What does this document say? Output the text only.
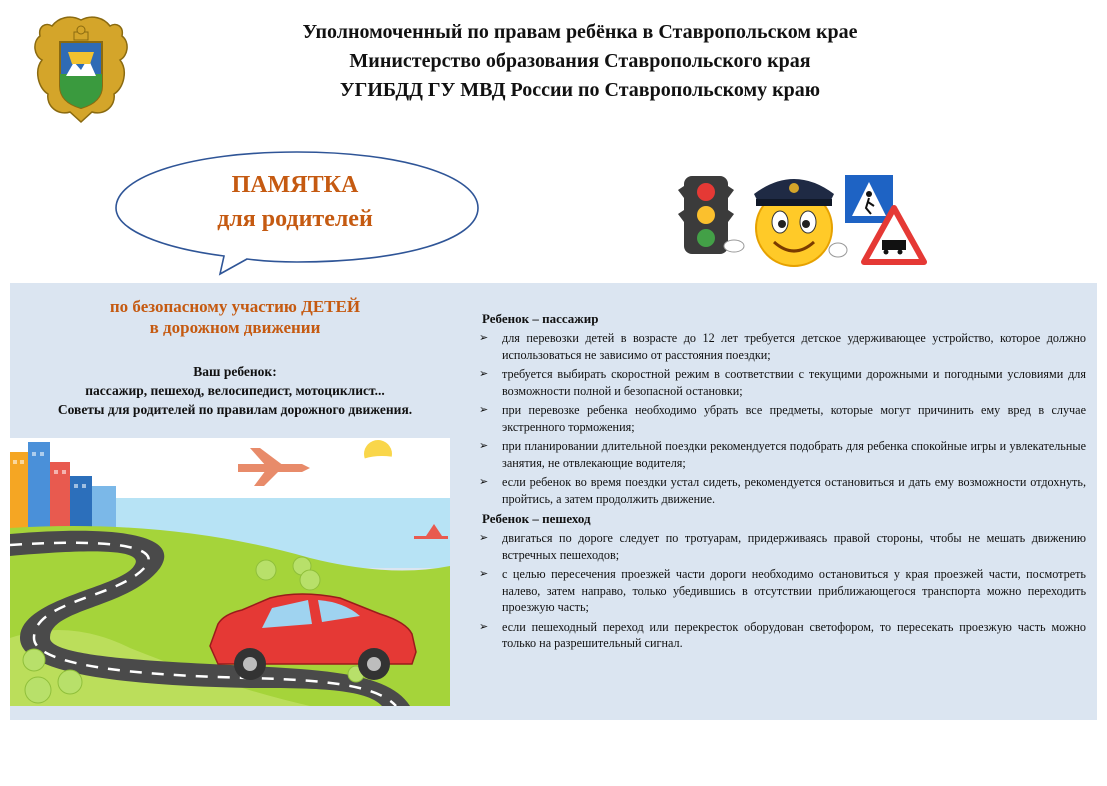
Уполномоченный по правам ребёнка в Ставропольском крае
Министерство образования Ставропольского края
УГИБДД ГУ МВД России по Ставропольскому краю
ПАМЯТКА
для родителей
по безопасному участию ДЕТЕЙ
в дорожном движении
Ваш ребенок:
пассажир, пешеход, велосипедист, мотоциклист...
Советы для родителей по правилам дорожного движения.
Ребенок – пассажир
➢ для перевозки детей в возрасте до 12 лет требуется детское удерживающее устройство, которое должно использоваться не зависимо от расстояния поездки;
➢ требуется выбирать скоростной режим в соответствии с текущими дорожными и погодными условиями для возможности полной и безопасной остановки;
➢ при перевозке ребенка необходимо убрать все предметы, которые могут причинить ему вред в случае экстренного торможения;
➢ при планировании длительной поездки рекомендуется подобрать для ребенка спокойные игры и увлекательные занятия, не отвлекающие водителя;
➢ если ребенок во время поездки устал сидеть, рекомендуется остановиться и дать ему возможности отдохнуть, пройтись, а затем продолжить движение.
Ребенок – пешеход
➢ двигаться по дороге следует по тротуарам, придерживаясь правой стороны, чтобы не мешать движению встречных пешеходов;
➢ с целью пересечения проезжей части дороги необходимо остановиться у края проезжей части, посмотреть налево, затем направо, только убедившись в отсутствии приближающегося транспорта можно переходить проезжую часть;
➢ если пешеходный переход или перекресток оборудован светофором, то пересекать проезжую часть можно только на разрешительный сигнал.
